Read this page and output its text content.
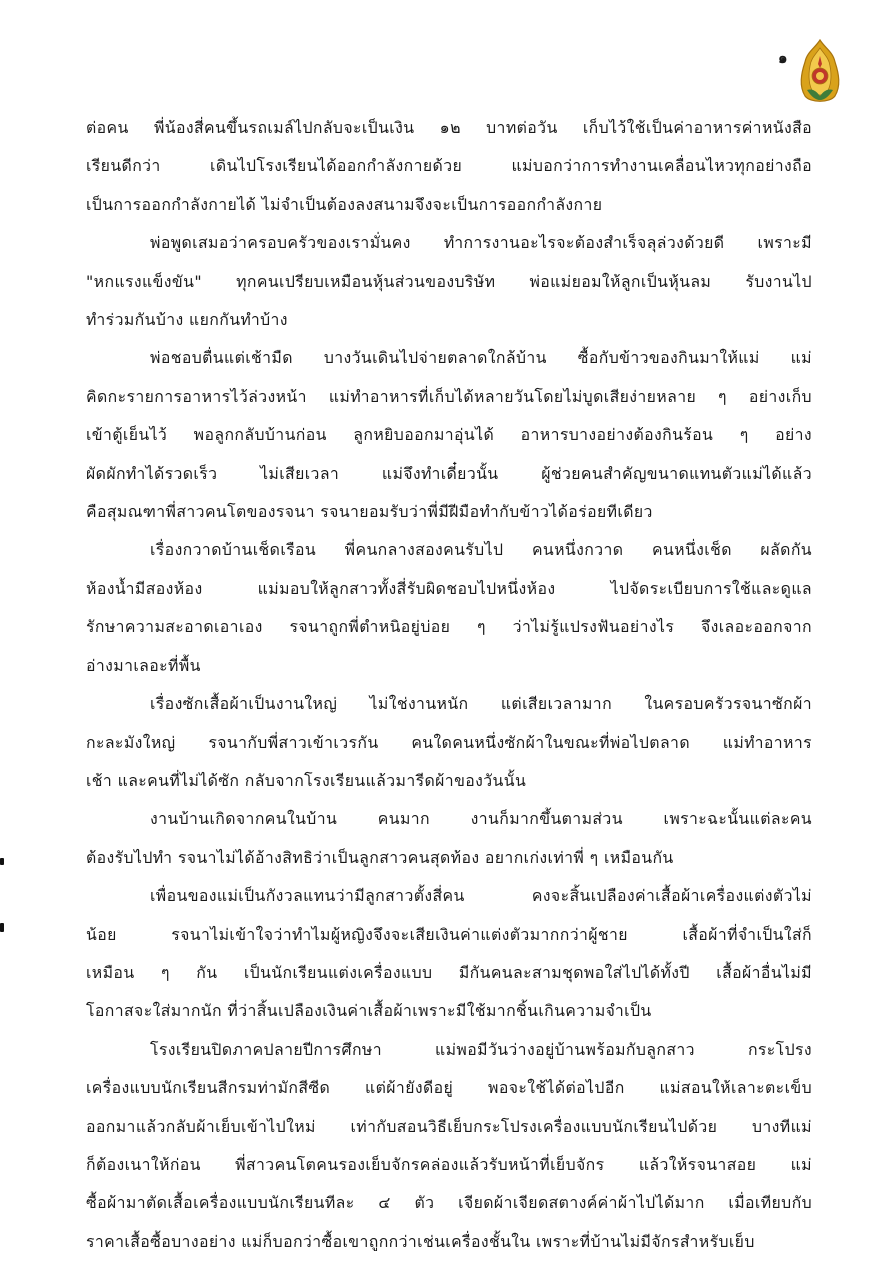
๑

ต่อคน พี่น้องสี่คนขึ้นรถเมล์ไปกลับจะเป็นเงิน ๑๒ บาทต่อวัน เก็บไว้ใช้เป็นค่าอาหารค่าหนังสือ

เรียนดีกว่า เดินไปโรงเรียนได้ออกกำลังกายด้วย แม่บอกว่าการทำงานเคลื่อนไหวทุกอย่างถือ

เป็นการออกกำลังกายได้ ไม่จำเป็นต้องลงสนามจึงจะเป็นการออกกำลังกาย

พ่อพูดเสมอว่าครอบครัวของเรามั่นคง ทำการงานอะไรจะต้องสำเร็จลุล่วงด้วยดี เพราะมี

"หกแรงแข็งขัน" ทุกคนเปรียบเหมือนหุ้นส่วนของบริษัท พ่อแม่ยอมให้ลูกเป็นหุ้นลม รับงานไป

ทำร่วมกันบ้าง แยกกันทำบ้าง

พ่อชอบตื่นแต่เช้ามืด บางวันเดินไปจ่ายตลาดใกล้บ้าน ซื้อกับข้าวของกินมาให้แม่ แม่

คิดกะรายการอาหารไว้ล่วงหน้า แม่ทำอาหารที่เก็บได้หลายวันโดยไม่บูดเสียง่ายหลาย ๆ อย่างเก็บ

เข้าตู้เย็นไว้ พอลูกกลับบ้านก่อน ลูกหยิบออกมาอุ่นได้ อาหารบางอย่างต้องกินร้อน ๆ อย่าง

ผัดผักทำได้รวดเร็ว ไม่เสียเวลา แม่จึงทำเดี๋ยวนั้น ผู้ช่วยคนสำคัญขนาดแทนตัวแม่ได้แล้ว

คือสุมณฑาพี่สาวคนโตของรจนา รจนายอมรับว่าพี่มีฝีมือทำกับข้าวได้อร่อยทีเดียว

เรื่องกวาดบ้านเช็ดเรือน พี่คนกลางสองคนรับไป คนหนึ่งกวาด คนหนึ่งเช็ด ผลัดกัน

ห้องน้ำมีสองห้อง แม่มอบให้ลูกสาวทั้งสี่รับผิดชอบไปหนึ่งห้อง ไปจัดระเบียบการใช้และดูแล

รักษาความสะอาดเอาเอง รจนาถูกพี่ตำหนิอยู่บ่อย ๆ ว่าไม่รู้แปรงฟันอย่างไร จึงเลอะออกจาก

อ่างมาเลอะที่พื้น

เรื่องซักเสื้อผ้าเป็นงานใหญ่ ไม่ใช่งานหนัก แต่เสียเวลามาก ในครอบครัวรจนาซักผ้า

กะละมังใหญ่ รจนากับพี่สาวเข้าเวรกัน คนใดคนหนึ่งซักผ้าในขณะที่พ่อไปตลาด แม่ทำอาหาร

เช้า และคนที่ไม่ได้ซัก กลับจากโรงเรียนแล้วมารีดผ้าของวันนั้น

งานบ้านเกิดจากคนในบ้าน คนมาก งานก็มากขึ้นตามส่วน เพราะฉะนั้นแต่ละคน

ต้องรับไปทำ รจนาไม่ได้อ้างสิทธิว่าเป็นลูกสาวคนสุดท้อง อยากเก่งเท่าพี่ ๆ เหมือนกัน

เพื่อนของแม่เป็นกังวลแทนว่ามีลูกสาวตั้งสี่คน คงจะสิ้นเปลืองค่าเสื้อผ้าเครื่องแต่งตัวไม่

น้อย รจนาไม่เข้าใจว่าทำไมผู้หญิงจึงจะเสียเงินค่าแต่งตัวมากกว่าผู้ชาย เสื้อผ้าที่จำเป็นใส่ก็

เหมือน ๆ กัน เป็นนักเรียนแต่งเครื่องแบบ มีกันคนละสามชุดพอใส่ไปได้ทั้งปี เสื้อผ้าอื่นไม่มี

โอกาสจะใส่มากนัก ที่ว่าสิ้นเปลืองเงินค่าเสื้อผ้าเพราะมีใช้มากชิ้นเกินความจำเป็น

โรงเรียนปิดภาคปลายปีการศึกษา แม่พอมีวันว่างอยู่บ้านพร้อมกับลูกสาว กระโปรง

เครื่องแบบนักเรียนสีกรมท่ามักสีซีด แต่ผ้ายังดีอยู่ พอจะใช้ได้ต่อไปอีก แม่สอนให้เลาะตะเข็บ

ออกมาแล้วกลับผ้าเย็บเข้าไปใหม่ เท่ากับสอนวิธีเย็บกระโปรงเครื่องแบบนักเรียนไปด้วย บางทีแม่

ก็ต้องเนาให้ก่อน พี่สาวคนโตคนรองเย็บจักรคล่องแล้วรับหน้าที่เย็บจักร แล้วให้รจนาสอย แม่

ซื้อผ้ามาตัดเสื้อเครื่องแบบนักเรียนทีละ ๔ ตัว เจียดผ้าเจียดสตางค์ค่าผ้าไปได้มาก เมื่อเทียบกับ

ราคาเสื้อซื้อบางอย่าง แม่ก็บอกว่าซื้อเขาถูกกว่าเช่นเครื่องชั้นใน เพราะที่บ้านไม่มีจักรสำหรับเย็บ
